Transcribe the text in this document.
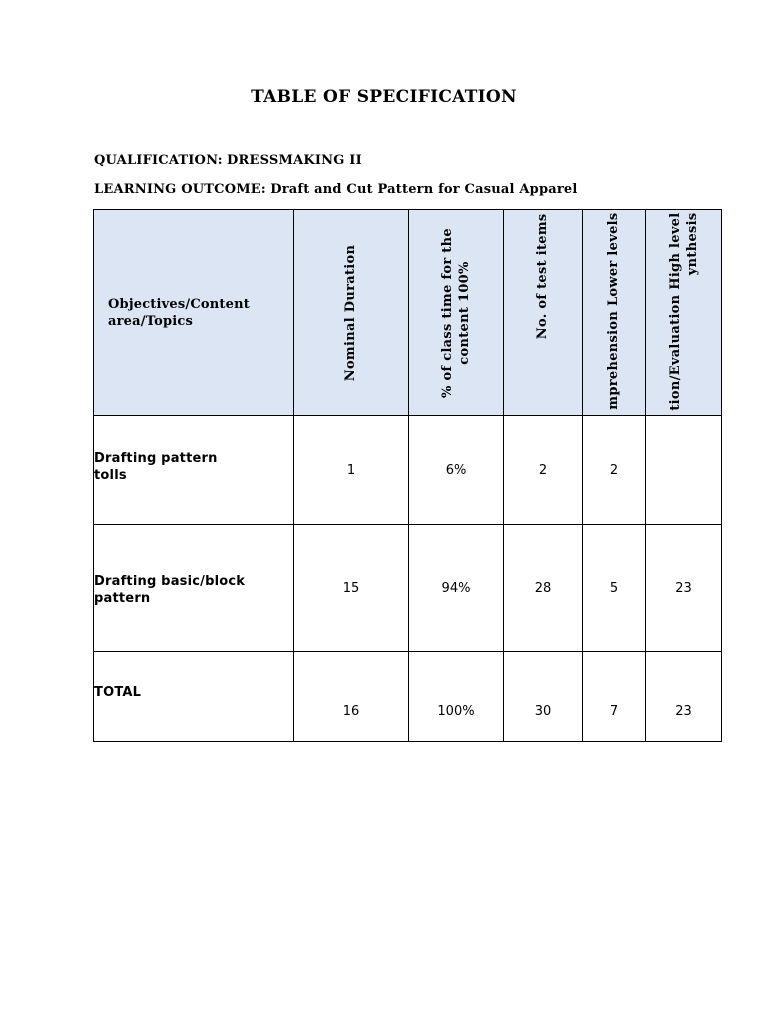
TABLE OF SPECIFICATION
QUALIFICATION: DRESSMAKING II
LEARNING OUTCOME: Draft and Cut Pattern for Casual Apparel
Objectives/Content area/Topics	Nominal Duration	% of class time for the content 100%	No. of test items	mprehension Lower levels	tion/Evaluation High level ynthesis

Drafting pattern tolls	1	6%	2	2	
Drafting basic/block pattern	15	94%	28	5	23
TOTAL	16	100%	30	7	23
